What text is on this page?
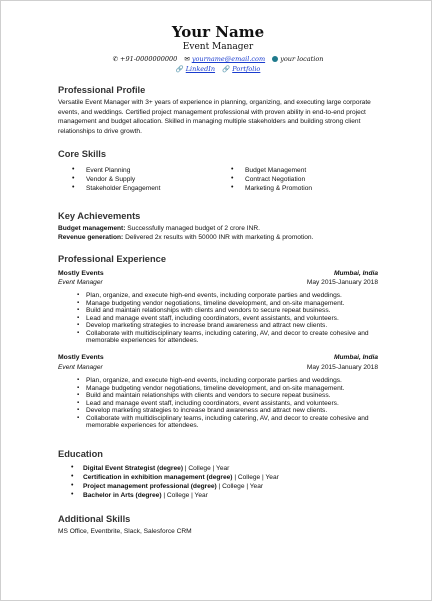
Your Name
Event Manager
✆ +91-0000000000 ✉ yourname@email.com your location
🔗 LinkedIn 🔗 Portfolio
Professional Profile
Versatile Event Manager with 3+ years of experience in planning, organizing, and executing large corporate events, and weddings. Certified project management professional with proven ability in end-to-end project management and budget allocation. Skilled in managing multiple stakeholders and building strong client relationships to drive growth.
Core Skills
• Event Planning	• Budget Management
• Vendor & Supply	• Contract Negotiation
• Stakeholder Engagement	• Marketing & Promotion
Key Achievements
Budget management: Successfully managed budget of 2 crore INR.
Revenue generation: Delivered 2x results with 50000 INR with marketing & promotion.
Professional Experience
Mostly Events	Mumbai, India
Event Manager	May 2015-January 2018
▪ Plan, organize, and execute high-end events, including corporate parties and weddings.
▪ Manage budgeting vendor negotiations, timeline development, and on-site management.
▪ Build and maintain relationships with clients and vendors to secure repeat business.
▪ Lead and manage event staff, including coordinators, event assistants, and volunteers.
▪ Develop marketing strategies to increase brand awareness and attract new clients.
▪ Collaborate with multidisciplinary teams, including catering, AV, and decor to create cohesive and memorable experiences for attendees.
Mostly Events	Mumbai, India
Event Manager	May 2015-January 2018
▪ Plan, organize, and execute high-end events, including corporate parties and weddings.
▪ Manage budgeting vendor negotiations, timeline development, and on-site management.
▪ Build and maintain relationships with clients and vendors to secure repeat business.
▪ Lead and manage event staff, including coordinators, event assistants, and volunteers.
▪ Develop marketing strategies to increase brand awareness and attract new clients.
▪ Collaborate with multidisciplinary teams, including catering, AV, and decor to create cohesive and memorable experiences for attendees.
Education
• Digital Event Strategist (degree) | College | Year
• Certification in exhibition management (degree) | College | Year
• Project management professional (degree) | College | Year
• Bachelor in Arts (degree) | College | Year
Additional Skills
MS Office, Eventbrite, Slack, Salesforce CRM
